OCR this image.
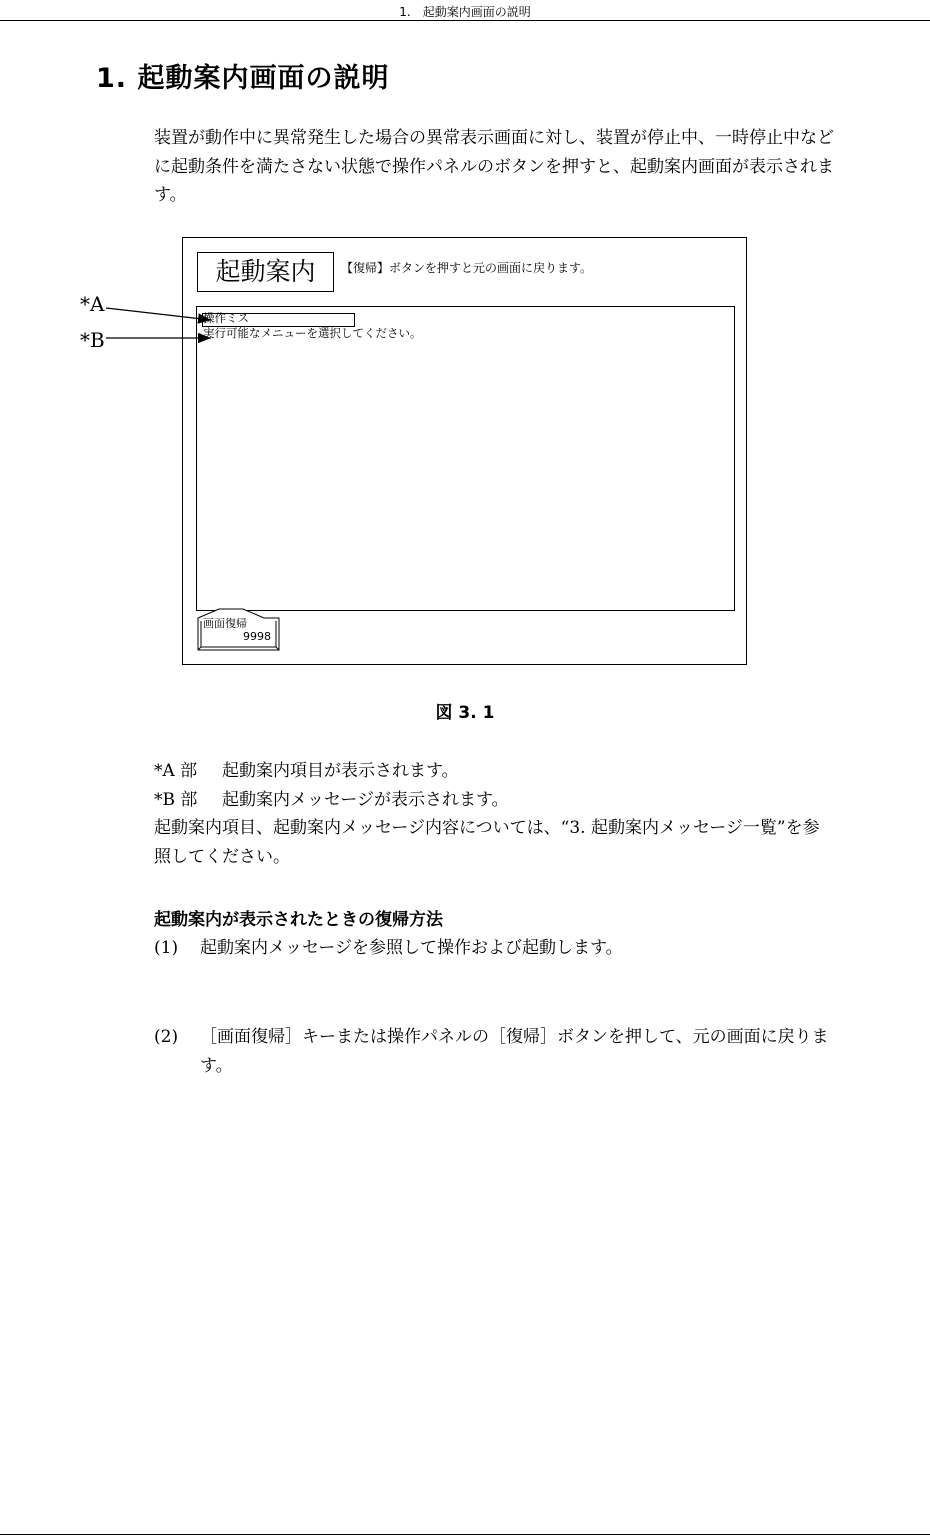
1.　起動案内画面の説明
1. 起動案内画面の説明
装置が動作中に異常発生した場合の異常表示画面に対し、装置が停止中、一時停止中などに起動条件を満たさない状態で操作パネルのボタンを押すと、起動案内画面が表示されます。
*A
*B
起動案内	【復帰】ボタンを押すと元の画面に戻ります。
操作ミス
実行可能なメニューを選択してください。
画面復帰
9998
図 3. 1
*A 部 起動案内項目が表示されます。
*B 部 起動案内メッセージが表示されます。
起動案内項目、起動案内メッセージ内容については、“3. 起動案内メッセージ一覧”を参照してください。
起動案内が表示されたときの復帰方法
(1) 起動案内メッセージを参照して操作および起動します。
(2) ［画面復帰］キーまたは操作パネルの［復帰］ボタンを押して、元の画面に戻ります。
